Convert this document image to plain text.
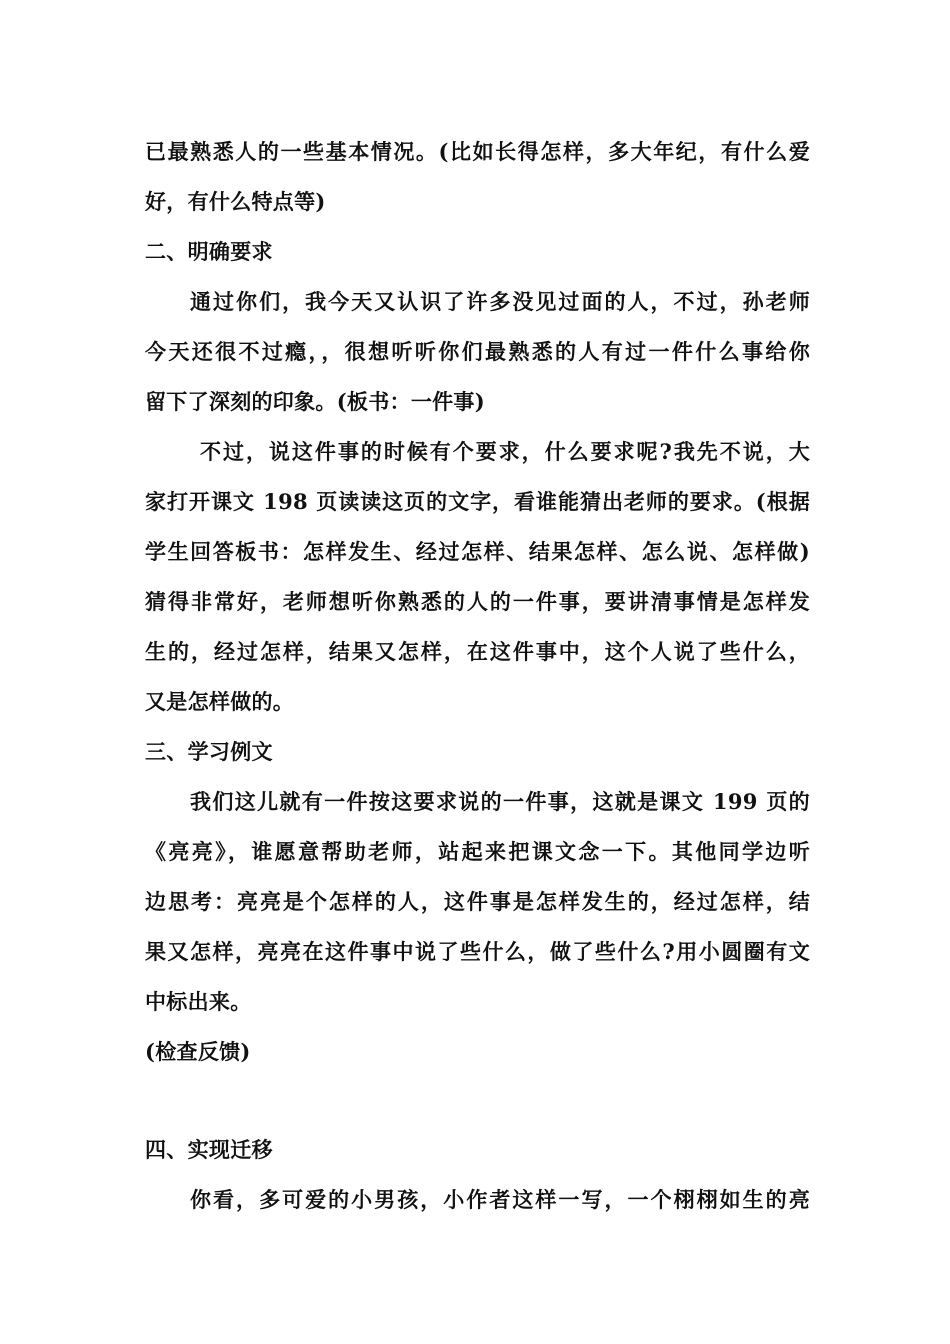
已最熟悉人的一些基本情况。(比如长得怎样，多大年纪，有什么爱
好，有什么特点等)
二、明确要求
通过你们，我今天又认识了许多没见过面的人，不过，孙老师
今天还很不过瘾，，很想听听你们最熟悉的人有过一件什么事给你
留下了深刻的印象。(板书：一件事)
不过，说这件事的时候有个要求，什么要求呢?我先不说，大
家打开课文 198 页读读这页的文字，看谁能猜出老师的要求。(根据
学生回答板书：怎样发生、经过怎样、结果怎样、怎么说、怎样做)
猜得非常好，老师想听你熟悉的人的一件事，要讲清事情是怎样发
生的，经过怎样，结果又怎样，在这件事中，这个人说了些什么，
又是怎样做的。
三、学习例文
我们这儿就有一件按这要求说的一件事，这就是课文 199 页的
《亮亮》，谁愿意帮助老师，站起来把课文念一下。其他同学边听
边思考：亮亮是个怎样的人，这件事是怎样发生的，经过怎样，结
果又怎样，亮亮在这件事中说了些什么，做了些什么?用小圆圈有文
中标出来。
(检查反馈)
四、实现迁移
你看，多可爱的小男孩，小作者这样一写，一个栩栩如生的亮
